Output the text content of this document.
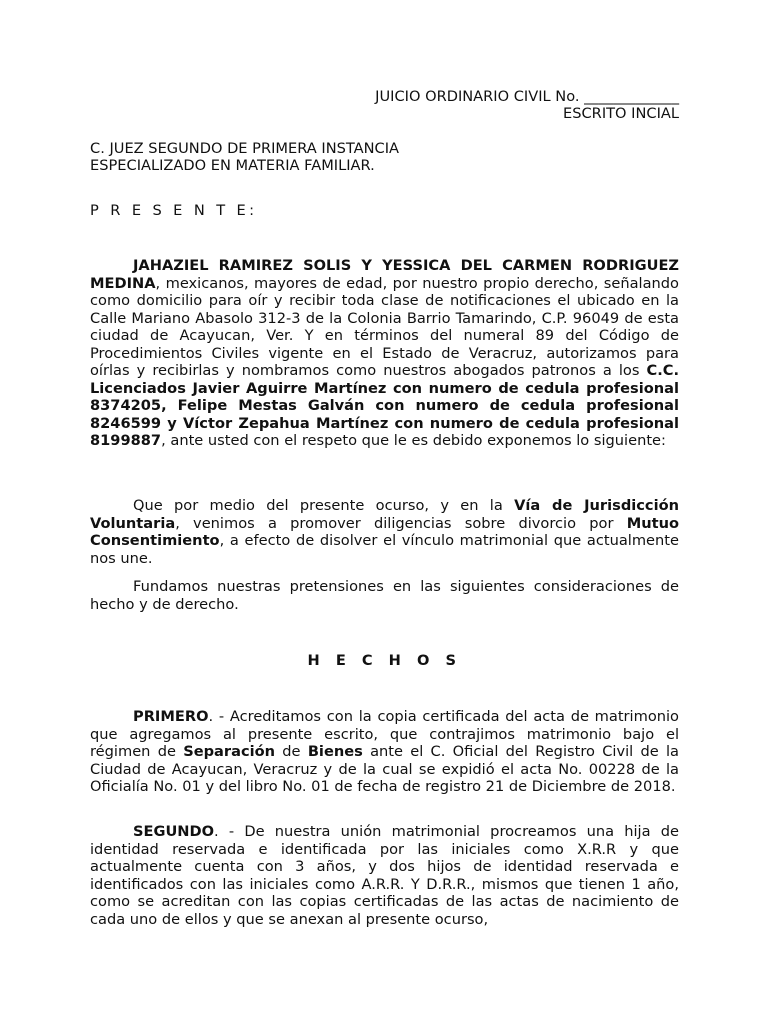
JUICIO ORDINARIO CIVIL No. _____________

ESCRITO INCIAL

C. JUEZ SEGUNDO DE PRIMERA INSTANCIA

ESPECIALIZADO EN MATERIA FAMILIAR.

P R E S E N T E:

JAHAZIEL RAMIREZ SOLIS Y YESSICA DEL CARMEN RODRIGUEZ MEDINA, mexicanos, mayores de edad, por nuestro propio derecho, señalando como domicilio para oír y recibir toda clase de notificaciones el ubicado en la Calle Mariano Abasolo 312-3 de la Colonia Barrio Tamarindo, C.P. 96049 de esta ciudad de Acayucan, Ver. Y en términos del numeral 89 del Código de Procedimientos Civiles vigente en el Estado de Veracruz, autorizamos para oírlas y recibirlas y nombramos como nuestros abogados patronos a los C.C. Licenciados Javier Aguirre Martínez con numero de cedula profesional 8374205, Felipe Mestas Galván con numero de cedula profesional 8246599 y Víctor Zepahua Martínez con numero de cedula profesional 8199887, ante usted con el respeto que le es debido exponemos lo siguiente:

Que por medio del presente ocurso, y en la Vía de Jurisdicción Voluntaria, venimos a promover diligencias sobre divorcio por Mutuo Consentimiento, a efecto de disolver el vínculo matrimonial que actualmente nos une.

Fundamos nuestras pretensiones en las siguientes consideraciones de hecho y de derecho.

H E C H O S

PRIMERO. - Acreditamos con la copia certificada del acta de matrimonio que agregamos al presente escrito, que contrajimos matrimonio bajo el régimen de Separación de Bienes ante el C. Oficial del Registro Civil de la Ciudad de Acayucan, Veracruz y de la cual se expidió el acta No. 00228 de la Oficialía No. 01 y del libro No. 01 de fecha de registro 21 de Diciembre de 2018.

SEGUNDO. - De nuestra unión matrimonial procreamos una hija de identidad reservada e identificada por las iniciales como X.R.R y que actualmente cuenta con 3 años, y dos hijos de identidad reservada e identificados con las iniciales como A.R.R. Y D.R.R., mismos que tienen 1 año, como se acreditan con las copias certificadas de las actas de nacimiento de cada uno de ellos y que se anexan al presente ocurso,
